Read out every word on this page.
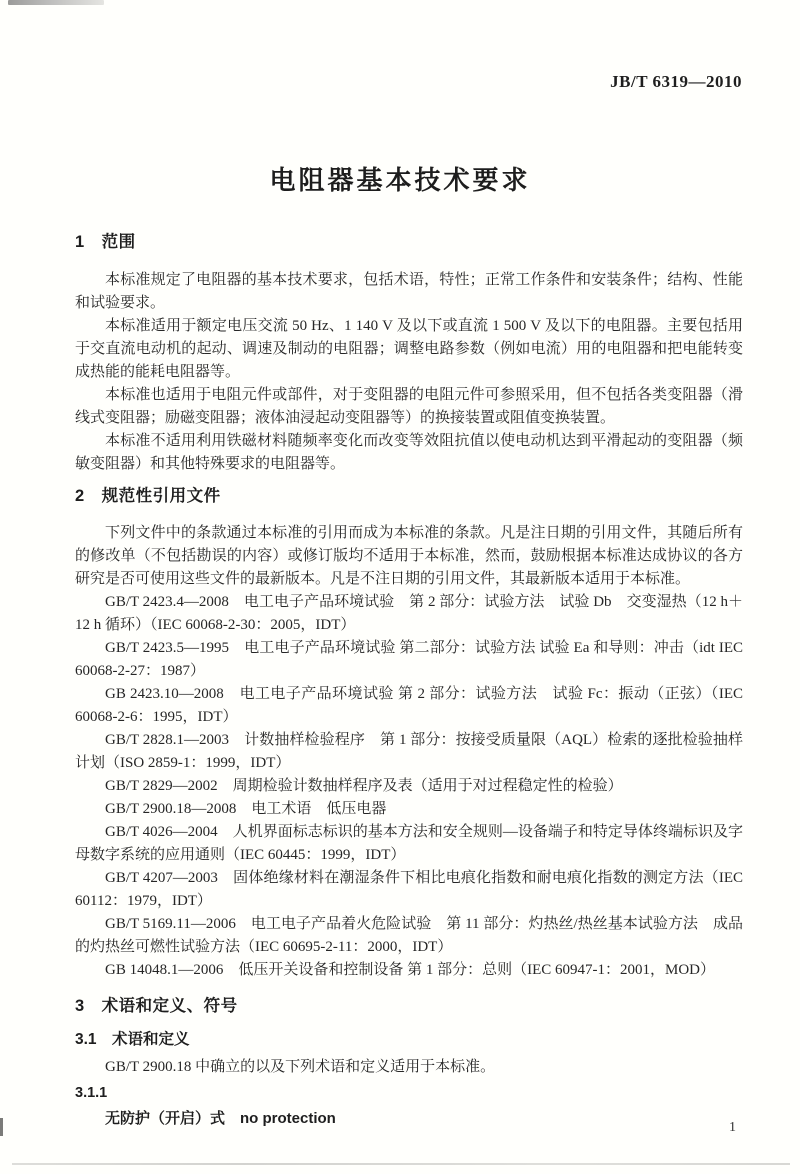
JB/T 6319—2010
电阻器基本技术要求
1　范围

本标准规定了电阻器的基本技术要求，包括术语，特性；正常工作条件和安装条件；结构、性能和试验要求。

本标准适用于额定电压交流 50 Hz、1 140 V 及以下或直流 1 500 V 及以下的电阻器。主要包括用于交直流电动机的起动、调速及制动的电阻器；调整电路参数（例如电流）用的电阻器和把电能转变成热能的能耗电阻器等。

本标准也适用于电阻元件或部件，对于变阻器的电阻元件可参照采用，但不包括各类变阻器（滑线式变阻器；励磁变阻器；液体油浸起动变阻器等）的换接装置或阻值变换装置。

本标准不适用利用铁磁材料随频率变化而改变等效阻抗值以使电动机达到平滑起动的变阻器（频敏变阻器）和其他特殊要求的电阻器等。

2　规范性引用文件

下列文件中的条款通过本标准的引用而成为本标准的条款。凡是注日期的引用文件，其随后所有的修改单（不包括勘误的内容）或修订版均不适用于本标准，然而，鼓励根据本标准达成协议的各方研究是否可使用这些文件的最新版本。凡是不注日期的引用文件，其最新版本适用于本标准。

GB/T 2423.4—2008　电工电子产品环境试验　第 2 部分：试验方法　试验 Db　交变湿热（12 h＋12 h 循环）（IEC 60068-2-30：2005，IDT）

GB/T 2423.5—1995　电工电子产品环境试验 第二部分：试验方法 试验 Ea 和导则：冲击（idt IEC 60068-2-27：1987）

GB 2423.10—2008　电工电子产品环境试验 第 2 部分：试验方法　试验 Fc：振动（正弦）（IEC 60068-2-6：1995，IDT）

GB/T 2828.1—2003　计数抽样检验程序　第 1 部分：按接受质量限（AQL）检索的逐批检验抽样计划（ISO 2859-1：1999，IDT）

GB/T 2829—2002　周期检验计数抽样程序及表（适用于对过程稳定性的检验）

GB/T 2900.18—2008　电工术语　低压电器

GB/T 4026—2004　人机界面标志标识的基本方法和安全规则—设备端子和特定导体终端标识及字母数字系统的应用通则（IEC 60445：1999，IDT）

GB/T 4207—2003　固体绝缘材料在潮湿条件下相比电痕化指数和耐电痕化指数的测定方法（IEC 60112：1979，IDT）

GB/T 5169.11—2006　电工电子产品着火危险试验　第 11 部分：灼热丝/热丝基本试验方法　成品的灼热丝可燃性试验方法（IEC 60695-2-11：2000，IDT）

GB 14048.1—2006　低压开关设备和控制设备 第 1 部分：总则（IEC 60947-1：2001，MOD）

3　术语和定义、符号
3.1　术语和定义

GB/T 2900.18 中确立的以及下列术语和定义适用于本标准。

3.1.1

无防护（开启）式　no protection

1
